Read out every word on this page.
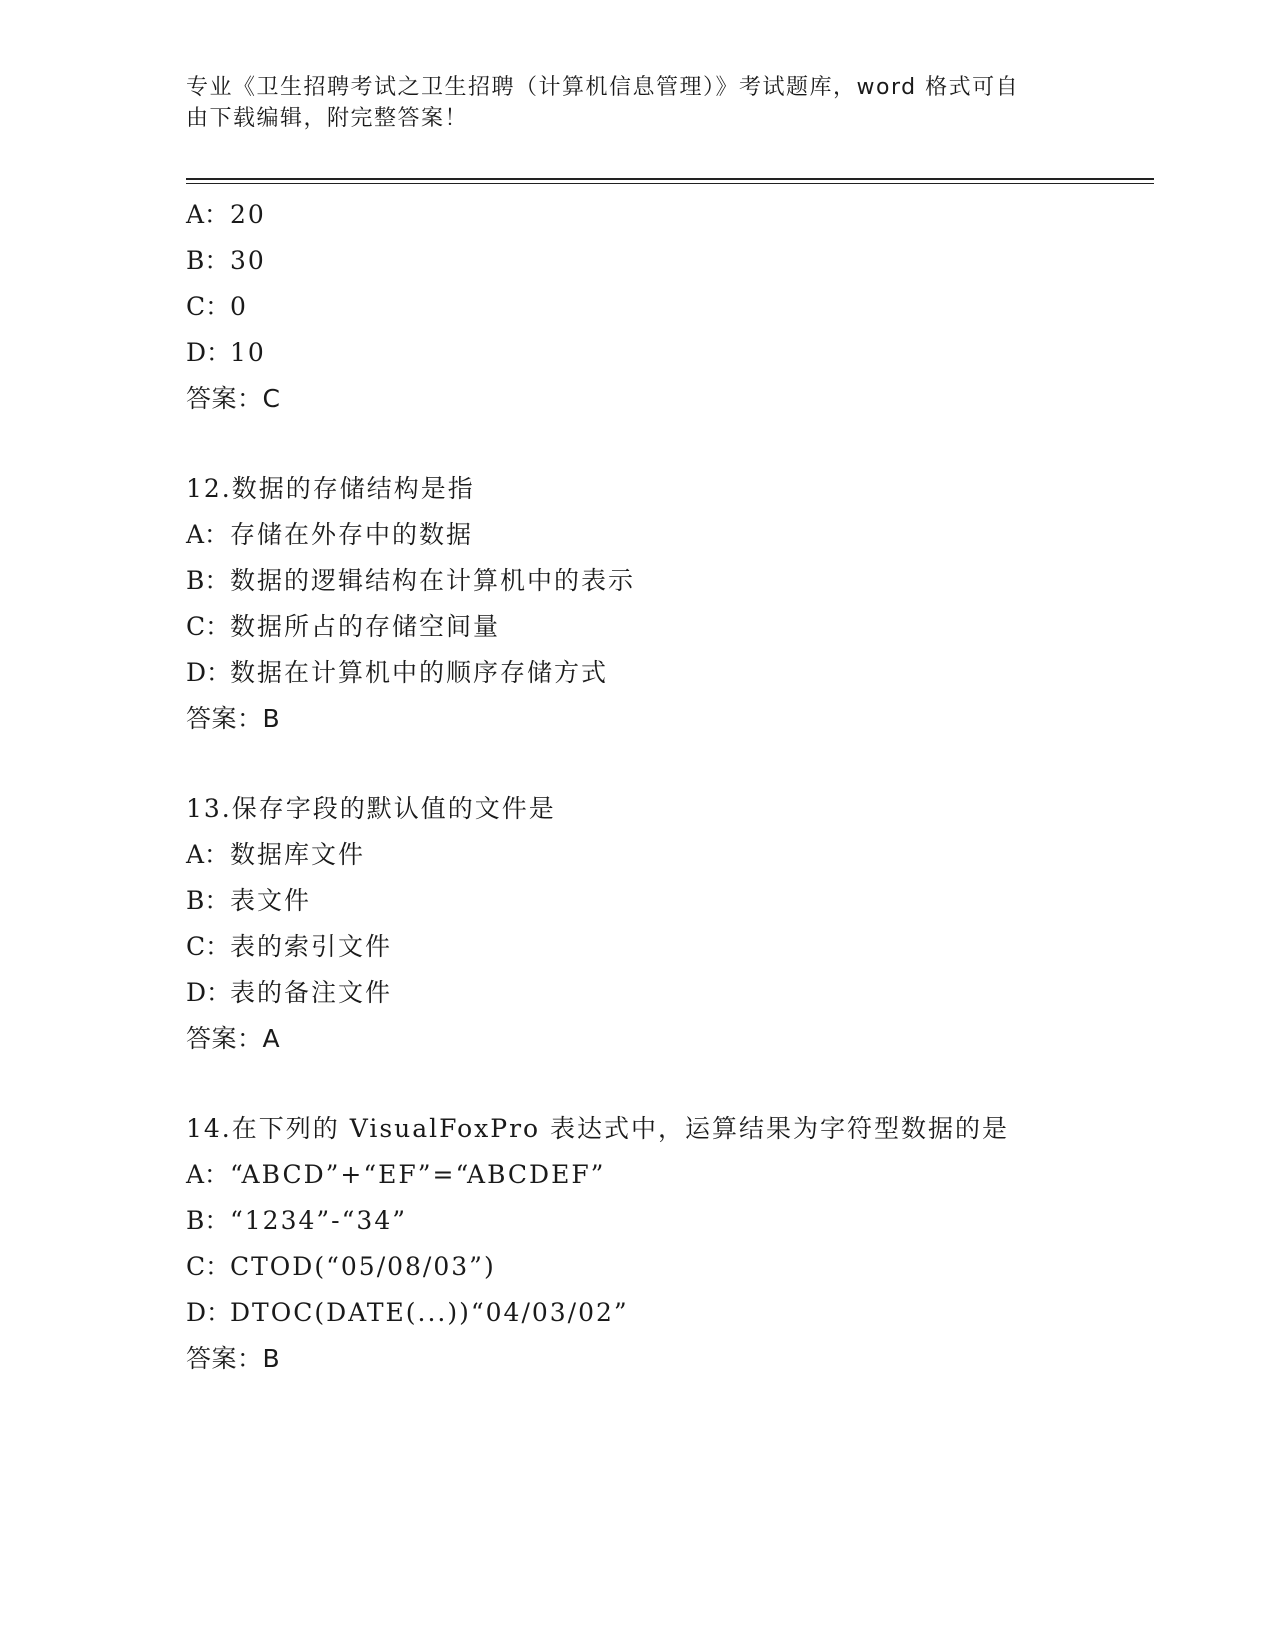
专业《卫生招聘考试之卫生招聘（计算机信息管理）》考试题库，word 格式可自
由下载编辑，附完整答案！
A：20
B：30
C：0
D：10
答案：C
12.数据的存储结构是指
A：存储在外存中的数据
B：数据的逻辑结构在计算机中的表示
C：数据所占的存储空间量
D：数据在计算机中的顺序存储方式
答案：B
13.保存字段的默认值的文件是
A：数据库文件
B：表文件
C：表的索引文件
D：表的备注文件
答案：A
14.在下列的 VisualFoxPro 表达式中，运算结果为字符型数据的是
A：“ABCD”+“EF”=“ABCDEF”
B：“1234”-“34”
C：CTOD(“05/08/03”)
D：DTOC(DATE(...))“04/03/02”
答案：B
